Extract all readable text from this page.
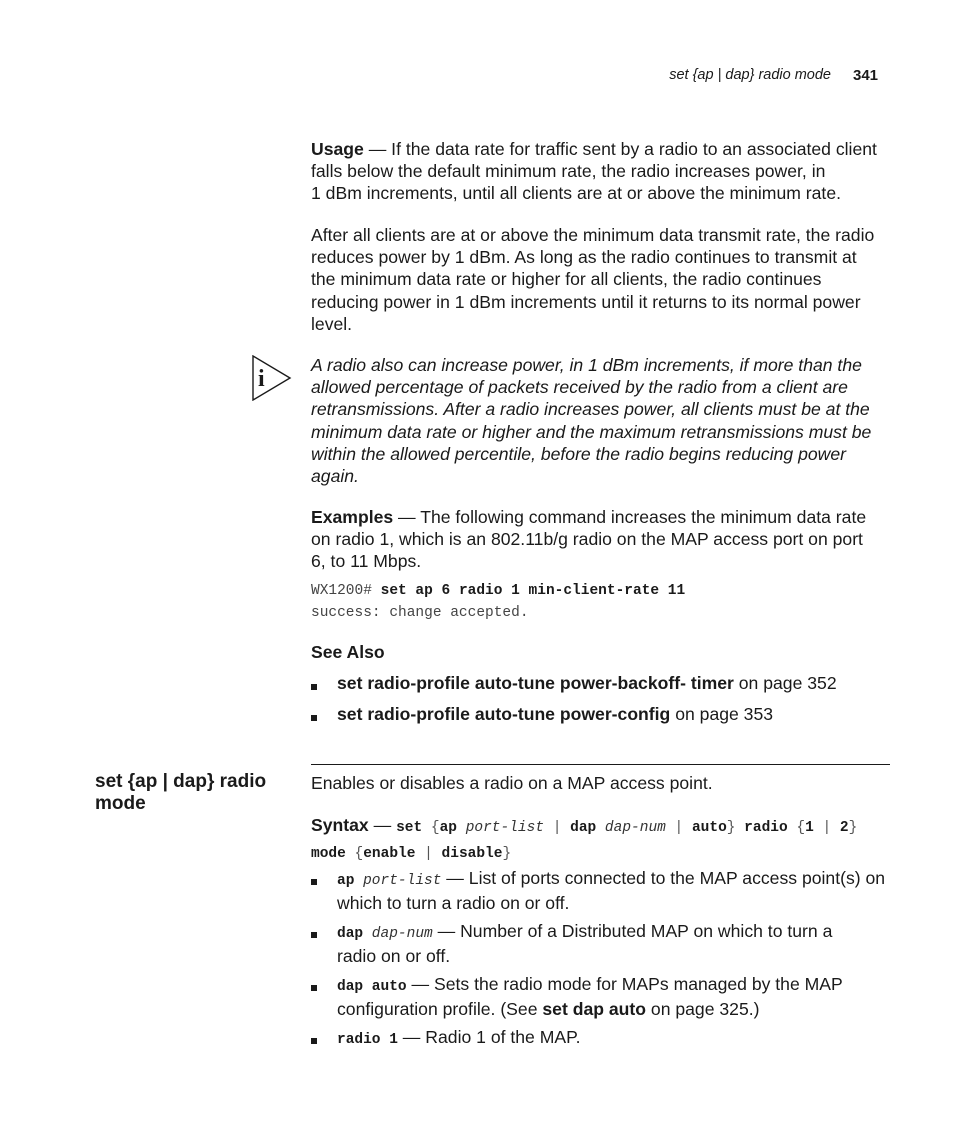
set {ap | dap} radio mode 341

Usage — If the data rate for traffic sent by a radio to an associated client

falls below the default minimum rate, the radio increases power, in

1 dBm increments, until all clients are at or above the minimum rate.

After all clients are at or above the minimum data transmit rate, the radio

reduces power by 1 dBm. As long as the radio continues to transmit at

the minimum data rate or higher for all clients, the radio continues

reducing power in 1 dBm increments until it returns to its normal power

level.

i

A radio also can increase power, in 1 dBm increments, if more than the

allowed percentage of packets received by the radio from a client are

retransmissions. After a radio increases power, all clients must be at the

minimum data rate or higher and the maximum retransmissions must be

within the allowed percentile, before the radio begins reducing power

again.

Examples — The following command increases the minimum data rate

on radio 1, which is an 802.11b/g radio on the MAP access port on port

6, to 11 Mbps.

WX1200# set ap 6 radio 1 min-client-rate 11
success: change accepted.
See Also
set radio-profile auto-tune power-backoff- timer on page 352
set radio-profile auto-tune power-config on page 353
set {ap | dap} radio
mode
Enables or disables a radio on a MAP access point.
Syntax — set {ap port-list | dap dap-num | auto} radio {1 | 2}
mode {enable | disable}

ap port-list — List of ports connected to the MAP access point(s) on

which to turn a radio on or off.

dap dap-num — Number of a Distributed MAP on which to turn a

radio on or off.

dap auto — Sets the radio mode for MAPs managed by the MAP

configuration profile. (See set dap auto on page 325.)

radio 1 — Radio 1 of the MAP.
